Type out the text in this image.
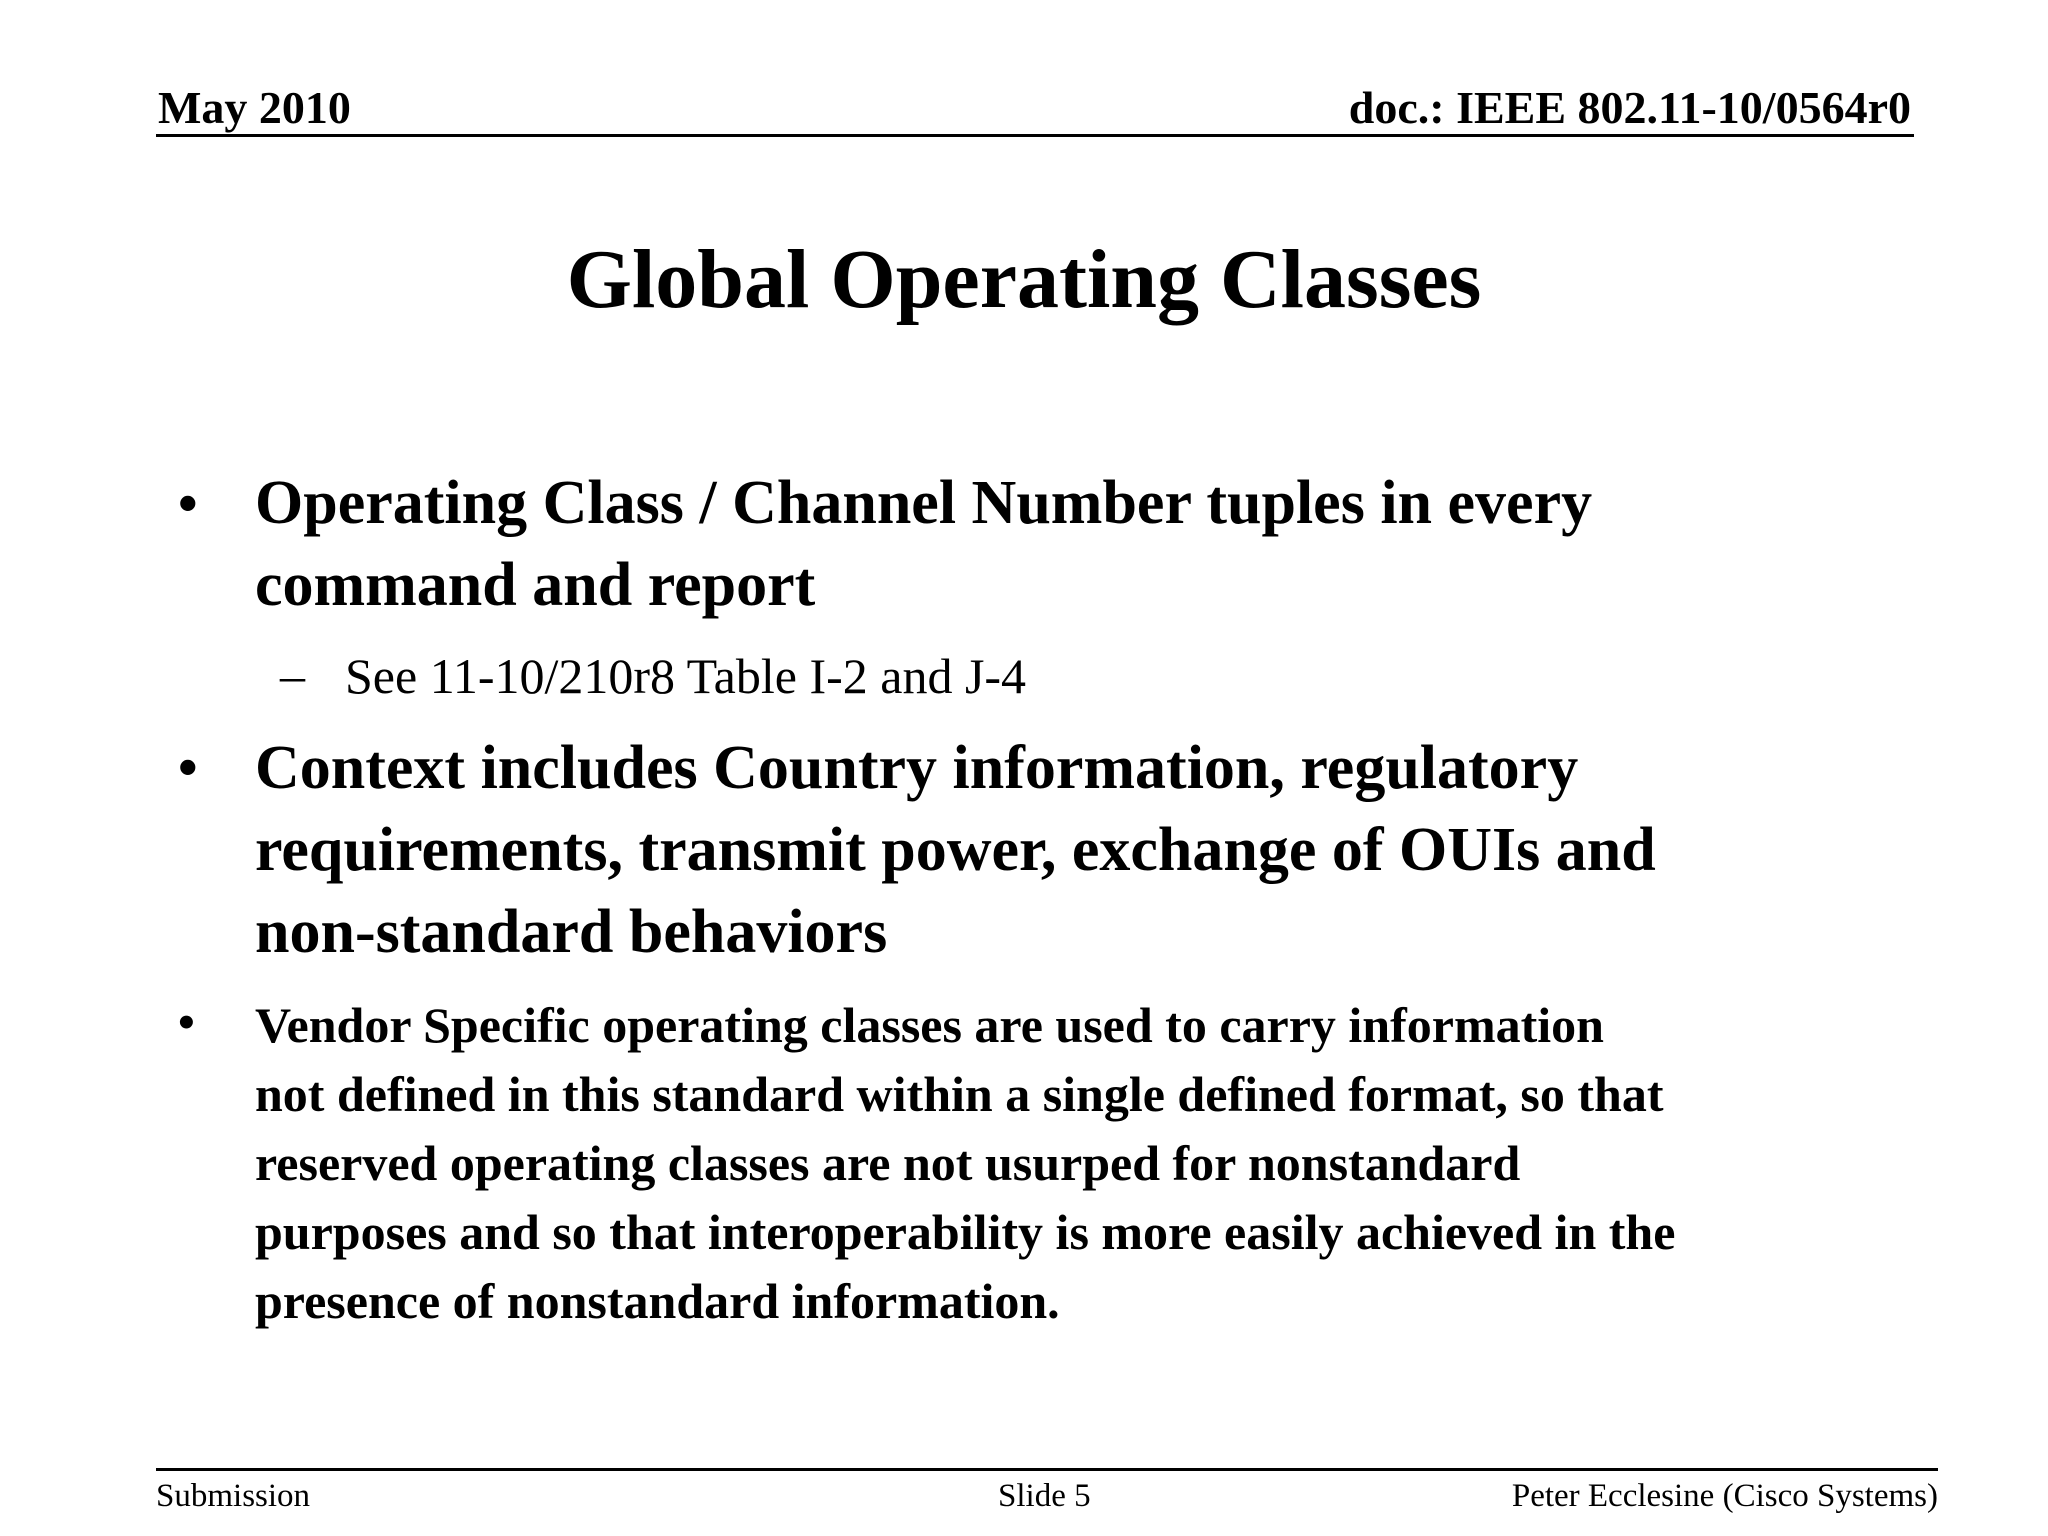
May 2010	doc.: IEEE 802.11-10/0564r0
Global Operating Classes
• Operating Class / Channel Number tuples in every
command and report
– See 11-10/210r8 Table I-2 and J-4
• Context includes Country information, regulatory
requirements, transmit power, exchange of OUIs and
non-standard behaviors
• Vendor Specific operating classes are used to carry information
not defined in this standard within a single defined format, so that
reserved operating classes are not usurped for nonstandard
purposes and so that interoperability is more easily achieved in the
presence of nonstandard information.
Submission	Slide 5	Peter Ecclesine (Cisco Systems)
